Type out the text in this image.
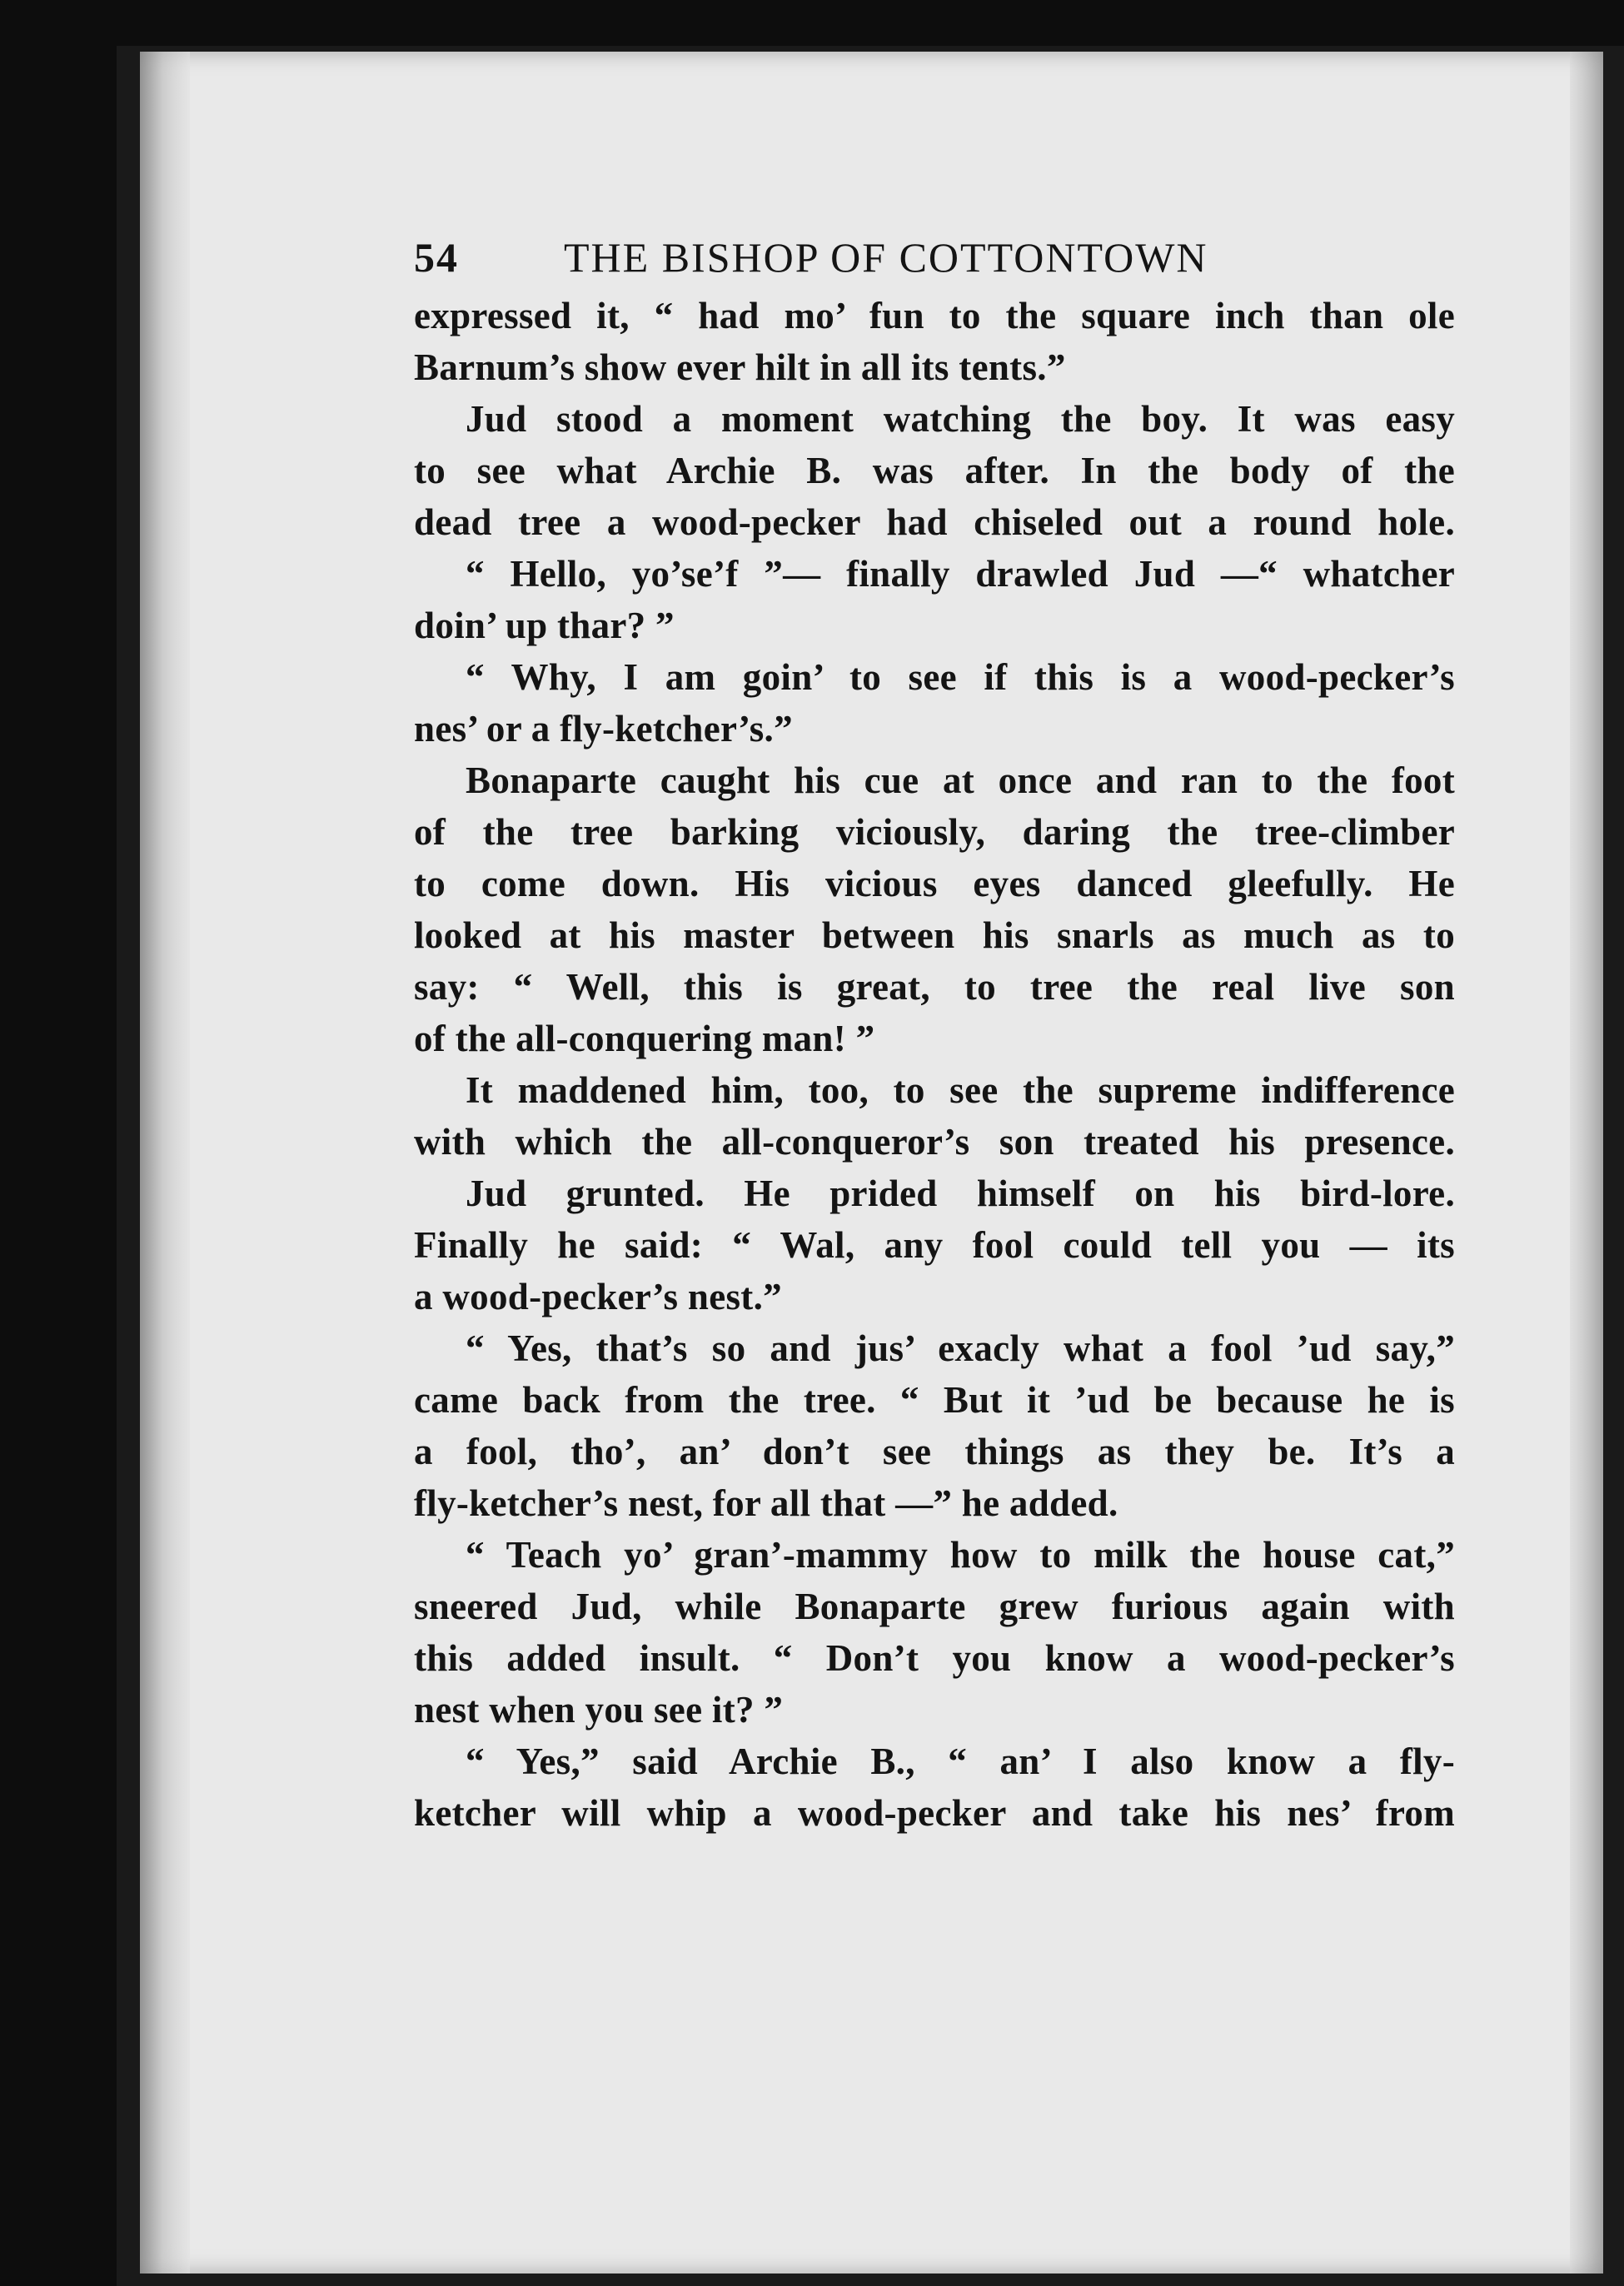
54	THE BISHOP OF COTTONTOWN
expressed it, “ had mo’ fun to the square inch than ole
Barnum’s show ever hilt in all its tents.”
Jud stood a moment watching the boy. It was easy
to see what Archie B. was after. In the body of the
dead tree a wood-pecker had chiseled out a round hole.
“ Hello, yo’se’f ”— finally drawled Jud —“ whatcher
doin’ up thar? ”
“ Why, I am goin’ to see if this is a wood-pecker’s
nes’ or a fly-ketcher’s.”
Bonaparte caught his cue at once and ran to the foot
of the tree barking viciously, daring the tree-climber
to come down. His vicious eyes danced gleefully. He
looked at his master between his snarls as much as to
say: “ Well, this is great, to tree the real live son
of the all-conquering man! ”
It maddened him, too, to see the supreme indifference
with which the all-conqueror’s son treated his presence.
Jud grunted. He prided himself on his bird-lore.
Finally he said: “ Wal, any fool could tell you — its
a wood-pecker’s nest.”
“ Yes, that’s so and jus’ exacly what a fool ’ud say,”
came back from the tree. “ But it ’ud be because he is
a fool, tho’, an’ don’t see things as they be. It’s a
fly-ketcher’s nest, for all that —” he added.
“ Teach yo’ gran’-mammy how to milk the house cat,”
sneered Jud, while Bonaparte grew furious again with
this added insult. “ Don’t you know a wood-pecker’s
nest when you see it? ”
“ Yes,” said Archie B., “ an’ I also know a fly-
ketcher will whip a wood-pecker and take his nes’ from
